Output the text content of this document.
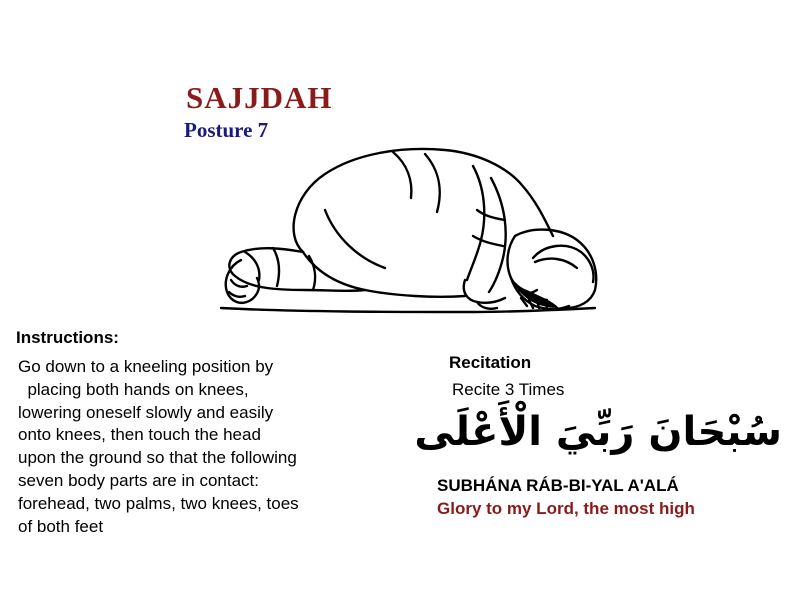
SAJJDAH
Posture 7
Instructions:
Go down to a kneeling position by
placing both hands on knees,
lowering oneself slowly and easily
onto knees, then touch the head
upon the ground so that the following
seven body parts are in contact:
forehead, two palms, two knees, toes
of both feet
Recitation
Recite 3 Times
سُبْحَانَ رَبِّيَ الْأَعْلَى
SUBHÁNA RÁB-BI-YAL A'ALÁ
Glory to my Lord, the most high
